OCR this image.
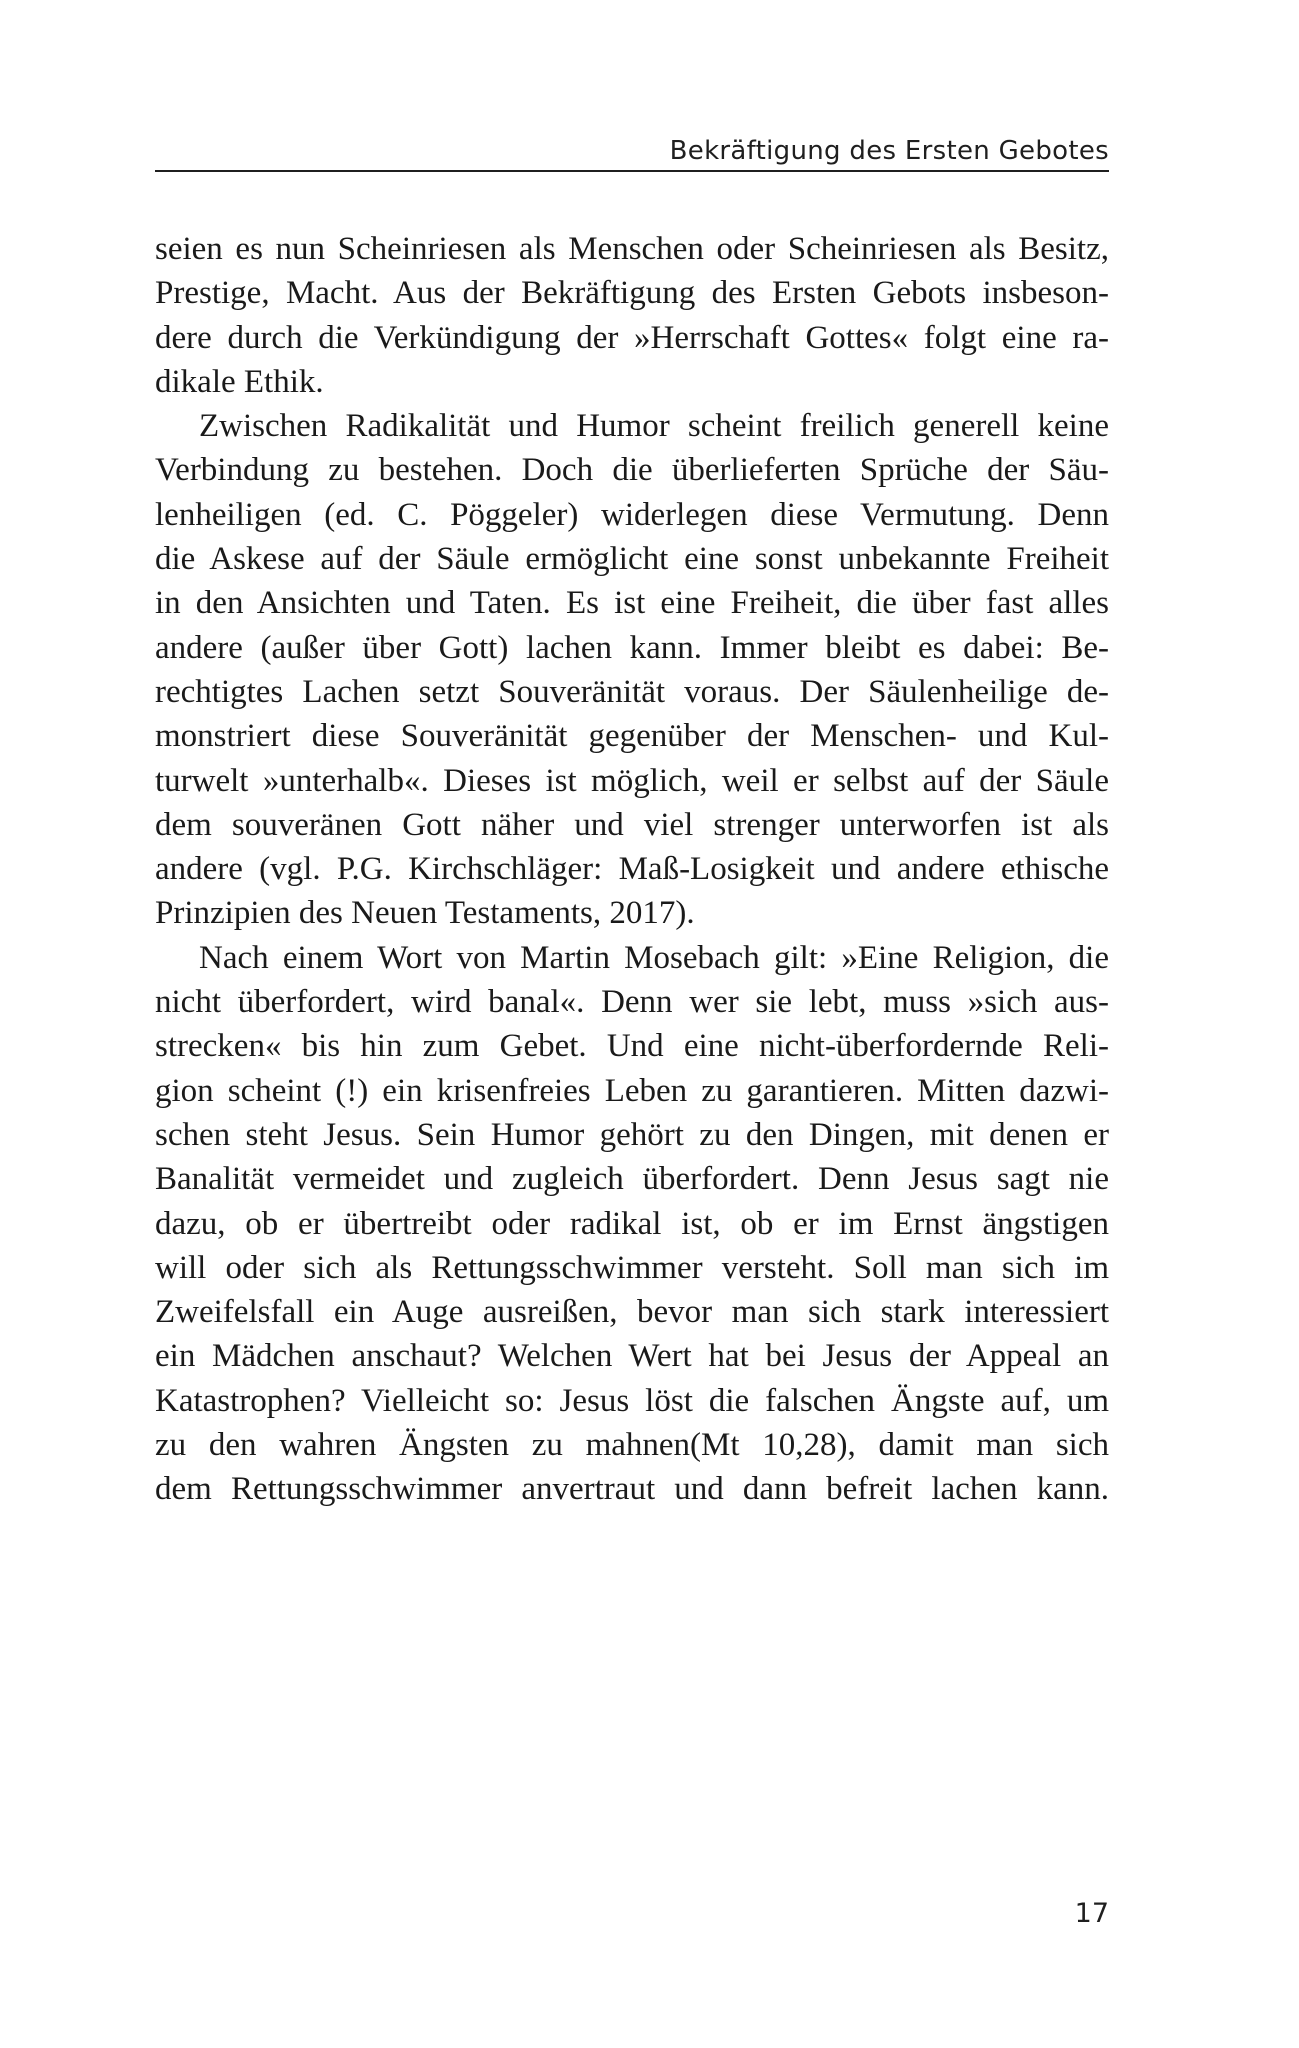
Bekräftigung des Ersten Gebotes
seien es nun Scheinriesen als Menschen oder Scheinriesen als Besitz,
Prestige, Macht. Aus der Bekräftigung des Ersten Gebots insbeson-
dere durch die Verkündigung der »Herrschaft Gottes« folgt eine ra-
dikale Ethik.
Zwischen Radikalität und Humor scheint freilich generell keine
Verbindung zu bestehen. Doch die überlieferten Sprüche der Säu-
lenheiligen (ed. C. Pöggeler) widerlegen diese Vermutung. Denn
die Askese auf der Säule ermöglicht eine sonst unbekannte Freiheit
in den Ansichten und Taten. Es ist eine Freiheit, die über fast alles
andere (außer über Gott) lachen kann. Immer bleibt es dabei: Be-
rechtigtes Lachen setzt Souveränität voraus. Der Säulenheilige de-
monstriert diese Souveränität gegenüber der Menschen- und Kul-
turwelt »unterhalb«. Dieses ist möglich, weil er selbst auf der Säule
dem souveränen Gott näher und viel strenger unterworfen ist als
andere (vgl. P.G. Kirchschläger: Maß-Losigkeit und andere ethische
Prinzipien des Neuen Testaments, 2017).
Nach einem Wort von Martin Mosebach gilt: »Eine Religion, die
nicht überfordert, wird banal«. Denn wer sie lebt, muss »sich aus-
strecken« bis hin zum Gebet. Und eine nicht-überfordernde Reli-
gion scheint (!) ein krisenfreies Leben zu garantieren. Mitten dazwi-
schen steht Jesus. Sein Humor gehört zu den Dingen, mit denen er
Banalität vermeidet und zugleich überfordert. Denn Jesus sagt nie
dazu, ob er übertreibt oder radikal ist, ob er im Ernst ängstigen
will oder sich als Rettungsschwimmer versteht. Soll man sich im
Zweifelsfall ein Auge ausreißen, bevor man sich stark interessiert
ein Mädchen anschaut? Welchen Wert hat bei Jesus der Appeal an
Katastrophen? Vielleicht so: Jesus löst die falschen Ängste auf, um
zu den wahren Ängsten zu mahnen(Mt 10,28), damit man sich
dem Rettungsschwimmer anvertraut und dann befreit lachen kann.
17
